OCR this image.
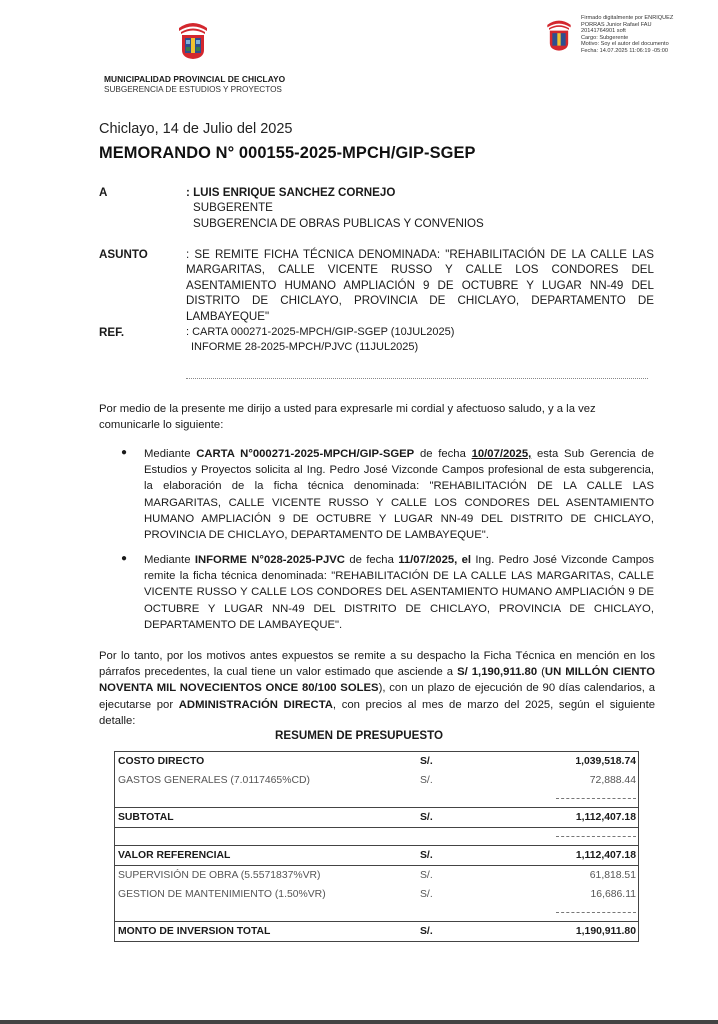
MUNICIPALIDAD PROVINCIAL DE CHICLAYO
SUBGERENCIA DE ESTUDIOS Y PROYECTOS
Firmado digitalmente por ENRIQUEZ
PORRAS Junior Rafael FAU
20141764901 soft
Cargo: Subgerente
Motivo: Soy el autor del documento
Fecha: 14.07.2025 11:06:19 -05:00
Chiclayo, 14 de Julio del 2025
MEMORANDO N° 000155-2025-MPCH/GIP-SGEP
A	: LUIS ENRIQUE SANCHEZ CORNEJO
SUBGERENTE
SUBGERENCIA DE OBRAS PUBLICAS Y CONVENIOS
ASUNTO	: SE REMITE FICHA TÉCNICA DENOMINADA: "REHABILITACIÓN DE LA CALLE LAS MARGARITAS, CALLE VICENTE RUSSO Y CALLE LOS CONDORES DEL ASENTAMIENTO HUMANO AMPLIACIÓN 9 DE OCTUBRE Y LUGAR NN-49 DEL DISTRITO DE CHICLAYO, PROVINCIA DE CHICLAYO, DEPARTAMENTO DE LAMBAYEQUE"
REF.	: CARTA 000271-2025-MPCH/GIP-SGEP (10JUL2025)
INFORME 28-2025-MPCH/PJVC (11JUL2025)
Por medio de la presente me dirijo a usted para expresarle mi cordial y afectuoso saludo, y a la vez comunicarle lo siguiente:
● Mediante CARTA N°000271-2025-MPCH/GIP-SGEP de fecha 10/07/2025, esta Sub Gerencia de Estudios y Proyectos solicita al Ing. Pedro José Vizconde Campos profesional de esta subgerencia, la elaboración de la ficha técnica denominada: "REHABILITACIÓN DE LA CALLE LAS MARGARITAS, CALLE VICENTE RUSSO Y CALLE LOS CONDORES DEL ASENTAMIENTO HUMANO AMPLIACIÓN 9 DE OCTUBRE Y LUGAR NN-49 DEL DISTRITO DE CHICLAYO, PROVINCIA DE CHICLAYO, DEPARTAMENTO DE LAMBAYEQUE".
● Mediante INFORME N°028-2025-PJVC de fecha 11/07/2025, el Ing. Pedro José Vizconde Campos remite la ficha técnica denominada: "REHABILITACIÓN DE LA CALLE LAS MARGARITAS, CALLE VICENTE RUSSO Y CALLE LOS CONDORES DEL ASENTAMIENTO HUMANO AMPLIACIÓN 9 DE OCTUBRE Y LUGAR NN-49 DEL DISTRITO DE CHICLAYO, PROVINCIA DE CHICLAYO, DEPARTAMENTO DE LAMBAYEQUE".
Por lo tanto, por los motivos antes expuestos se remite a su despacho la Ficha Técnica en mención en los párrafos precedentes, la cual tiene un valor estimado que asciende a S/ 1,190,911.80 (UN MILLÓN CIENTO NOVENTA MIL NOVECIENTOS ONCE 80/100 SOLES), con un plazo de ejecución de 90 días calendarios, a ejecutarse por ADMINISTRACIÓN DIRECTA, con precios al mes de marzo del 2025, según el siguiente detalle:
RESUMEN DE PRESUPUESTO
COSTO DIRECTO	S/.	1,039,518.74
GASTOS GENERALES (7.0117465%CD)	S/.	72,888.44

SUBTOTAL	S/.	1,112,407.18

VALOR REFERENCIAL	S/.	1,112,407.18
SUPERVISIÓN DE OBRA (5.5571837%VR)	S/.	61,818.51
GESTION DE MANTENIMIENTO (1.50%VR)	S/.	16,686.11

MONTO DE INVERSION TOTAL	S/.	1,190,911.80
